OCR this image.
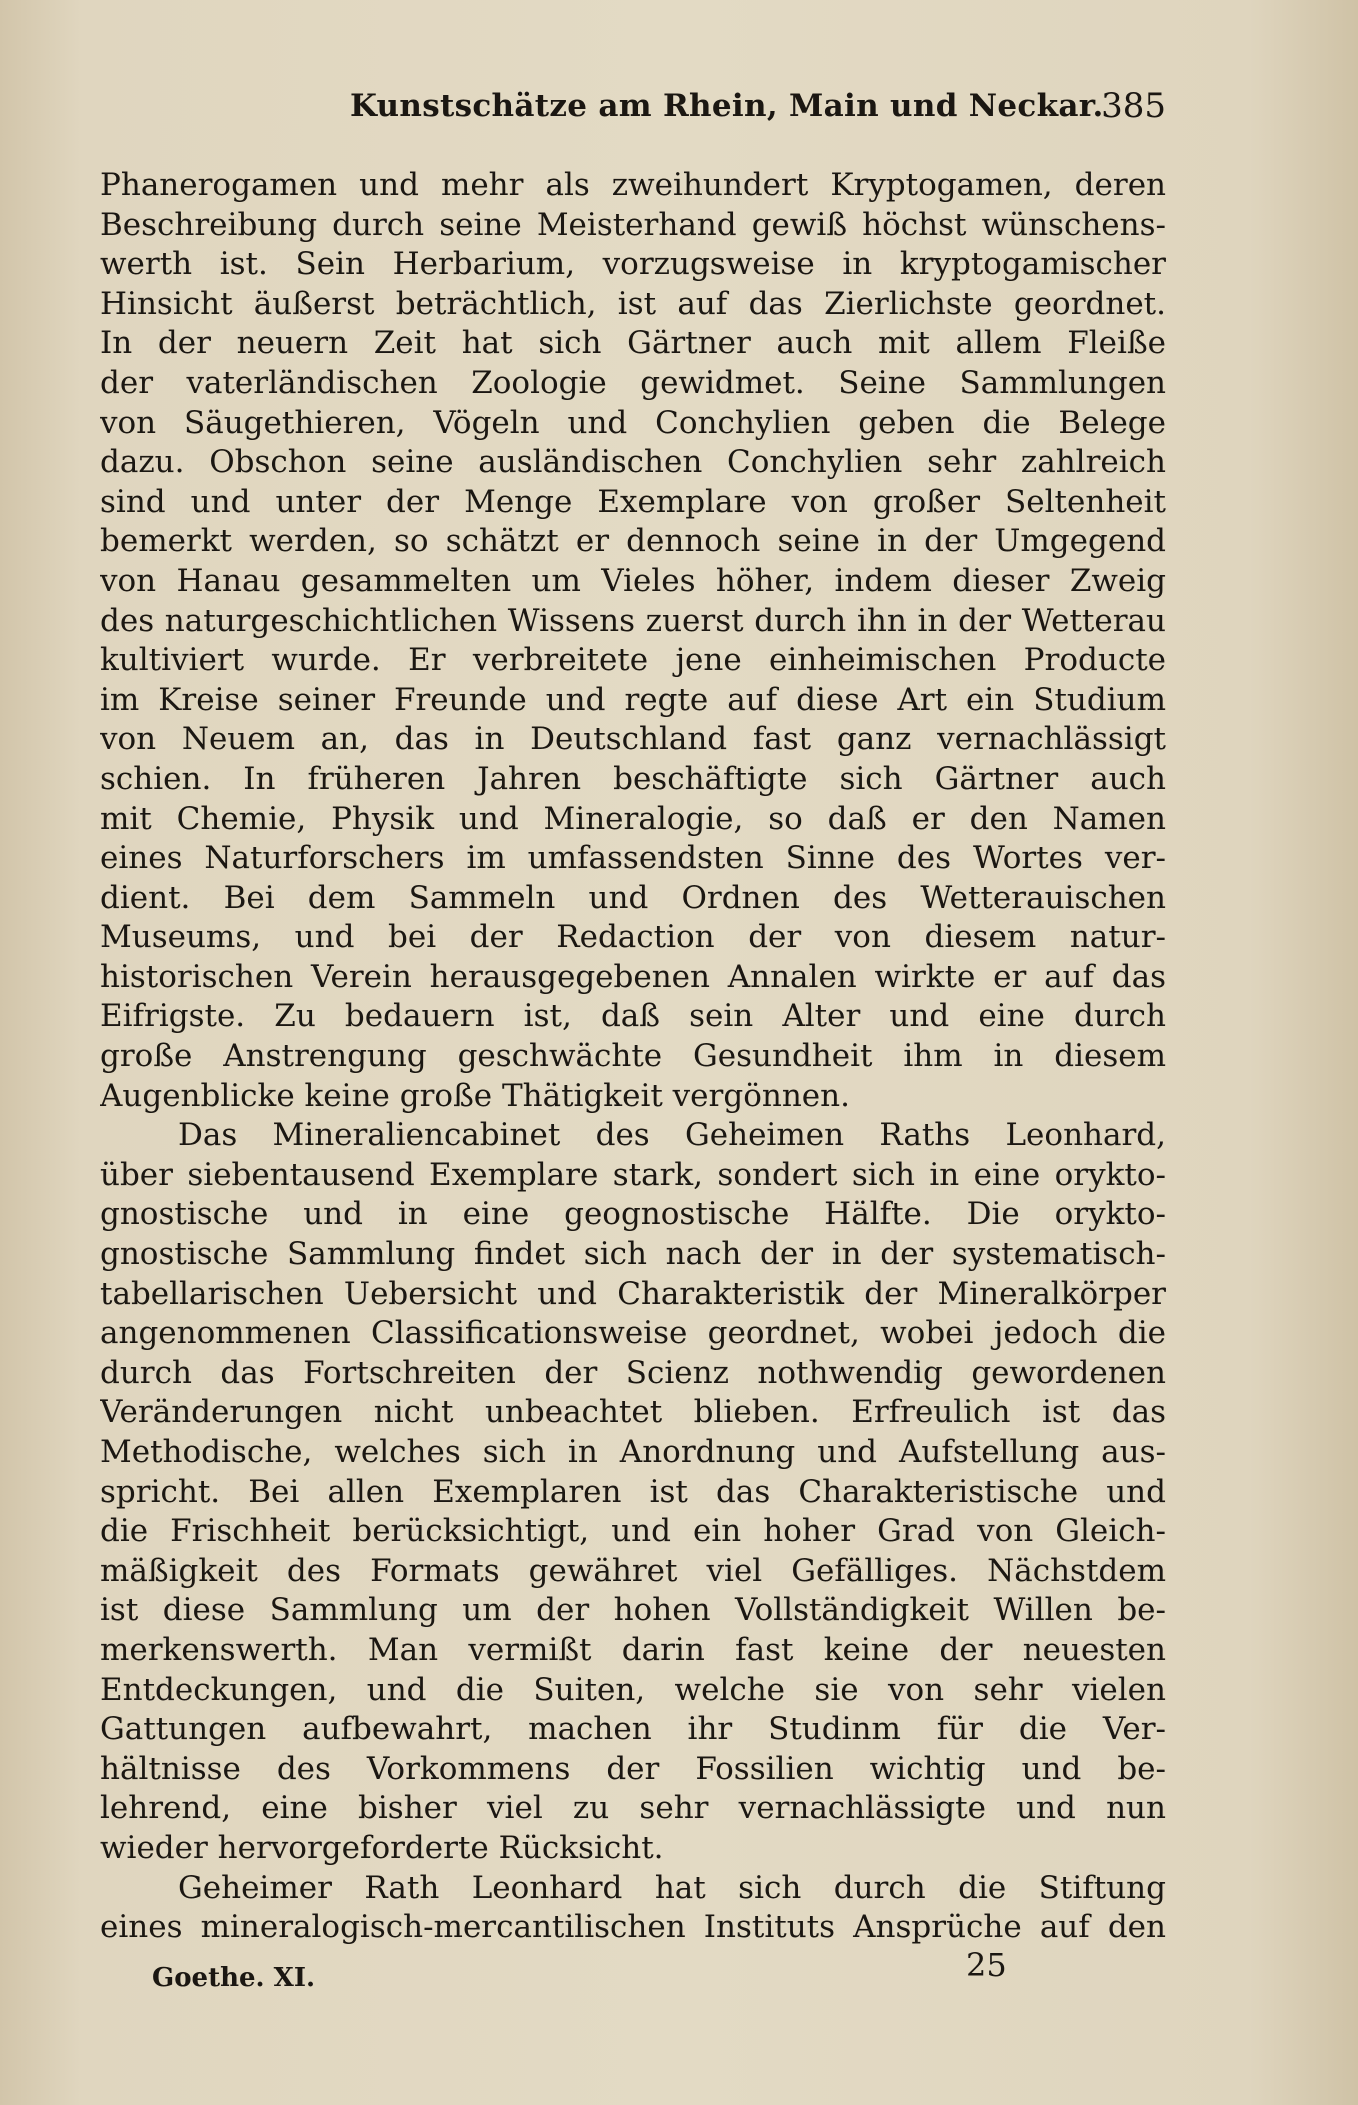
Kunstschätze am Rhein, Main und Neckar.
385
Phanerogamen und mehr als zweihundert Kryptogamen, deren
Beschreibung durch seine Meisterhand gewiß höchst wünschens-
werth ist. Sein Herbarium, vorzugsweise in kryptogamischer
Hinsicht äußerst beträchtlich, ist auf das Zierlichste geordnet.
In der neuern Zeit hat sich Gärtner auch mit allem Fleiße
der vaterländischen Zoologie gewidmet. Seine Sammlungen
von Säugethieren, Vögeln und Conchylien geben die Belege
dazu. Obschon seine ausländischen Conchylien sehr zahlreich
sind und unter der Menge Exemplare von großer Seltenheit
bemerkt werden, so schätzt er dennoch seine in der Umgegend
von Hanau gesammelten um Vieles höher, indem dieser Zweig
des naturgeschichtlichen Wissens zuerst durch ihn in der Wetterau
kultiviert wurde. Er verbreitete jene einheimischen Producte
im Kreise seiner Freunde und regte auf diese Art ein Studium
von Neuem an, das in Deutschland fast ganz vernachlässigt
schien. In früheren Jahren beschäftigte sich Gärtner auch
mit Chemie, Physik und Mineralogie, so daß er den Namen
eines Naturforschers im umfassendsten Sinne des Wortes ver-
dient. Bei dem Sammeln und Ordnen des Wetterauischen
Museums, und bei der Redaction der von diesem natur-
historischen Verein herausgegebenen Annalen wirkte er auf das
Eifrigste. Zu bedauern ist, daß sein Alter und eine durch
große Anstrengung geschwächte Gesundheit ihm in diesem
Augenblicke keine große Thätigkeit vergönnen.
Das Mineraliencabinet des Geheimen Raths Leonhard,
über siebentausend Exemplare stark, sondert sich in eine orykto-
gnostische und in eine geognostische Hälfte. Die orykto-
gnostische Sammlung findet sich nach der in der systematisch-
tabellarischen Uebersicht und Charakteristik der Mineralkörper
angenommenen Classificationsweise geordnet, wobei jedoch die
durch das Fortschreiten der Scienz nothwendig gewordenen
Veränderungen nicht unbeachtet blieben. Erfreulich ist das
Methodische, welches sich in Anordnung und Aufstellung aus-
spricht. Bei allen Exemplaren ist das Charakteristische und
die Frischheit berücksichtigt, und ein hoher Grad von Gleich-
mäßigkeit des Formats gewähret viel Gefälliges. Nächstdem
ist diese Sammlung um der hohen Vollständigkeit Willen be-
merkenswerth. Man vermißt darin fast keine der neuesten
Entdeckungen, und die Suiten, welche sie von sehr vielen
Gattungen aufbewahrt, machen ihr Studinm für die Ver-
hältnisse des Vorkommens der Fossilien wichtig und be-
lehrend, eine bisher viel zu sehr vernachlässigte und nun
wieder hervorgeforderte Rücksicht.
Geheimer Rath Leonhard hat sich durch die Stiftung
eines mineralogisch-mercantilischen Instituts Ansprüche auf den
Goethe. XI.	25
